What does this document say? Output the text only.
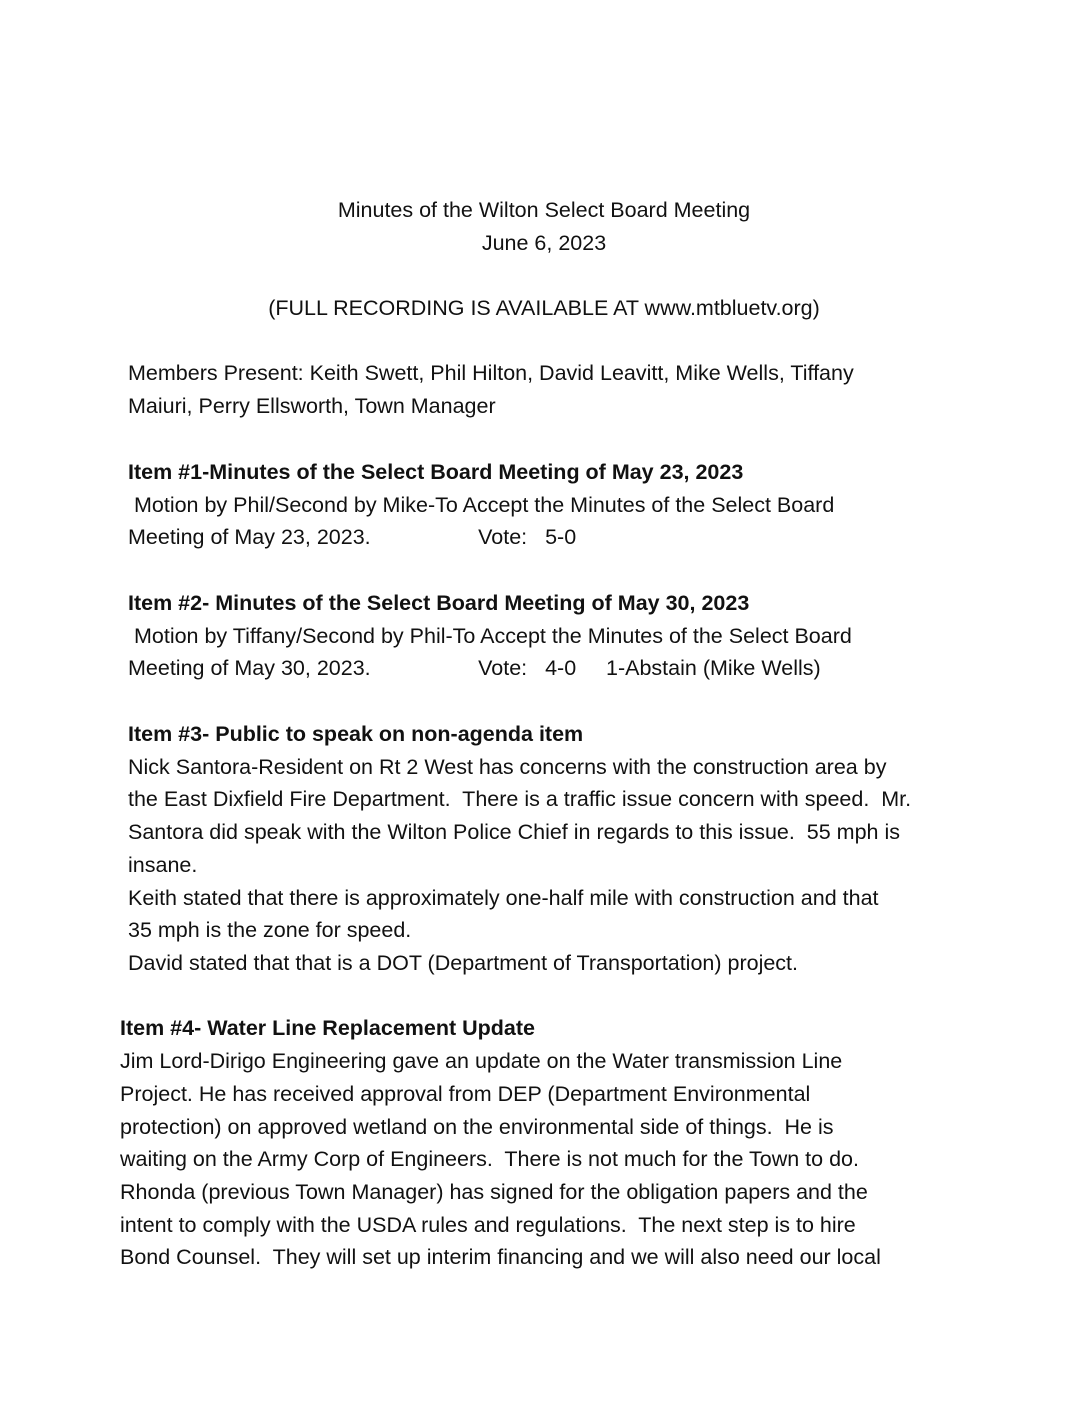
Minutes of the Wilton Select Board Meeting
June 6, 2023
(FULL RECORDING IS AVAILABLE AT www.mtbluetv.org)
Members Present: Keith Swett, Phil Hilton, David Leavitt, Mike Wells, Tiffany
Maiuri, Perry Ellsworth, Town Manager
Item #1-Minutes of the Select Board Meeting of May 23, 2023
Motion by Phil/Second by Mike-To Accept the Minutes of the Select Board
Meeting of May 23, 2023.                  Vote:   5-0
Item #2- Minutes of the Select Board Meeting of May 30, 2023
Motion by Tiffany/Second by Phil-To Accept the Minutes of the Select Board
Meeting of May 30, 2023.                  Vote:   4-0     1-Abstain (Mike Wells)
Item #3- Public to speak on non-agenda item
Nick Santora-Resident on Rt 2 West has concerns with the construction area by
the East Dixfield Fire Department.  There is a traffic issue concern with speed.  Mr.
Santora did speak with the Wilton Police Chief in regards to this issue.  55 mph is
insane.
Keith stated that there is approximately one-half mile with construction and that
35 mph is the zone for speed.
David stated that that is a DOT (Department of Transportation) project.
Item #4- Water Line Replacement Update
Jim Lord-Dirigo Engineering gave an update on the Water transmission Line
Project. He has received approval from DEP (Department Environmental
protection) on approved wetland on the environmental side of things.  He is
waiting on the Army Corp of Engineers.  There is not much for the Town to do.
Rhonda (previous Town Manager) has signed for the obligation papers and the
intent to comply with the USDA rules and regulations.  The next step is to hire
Bond Counsel.  They will set up interim financing and we will also need our local
